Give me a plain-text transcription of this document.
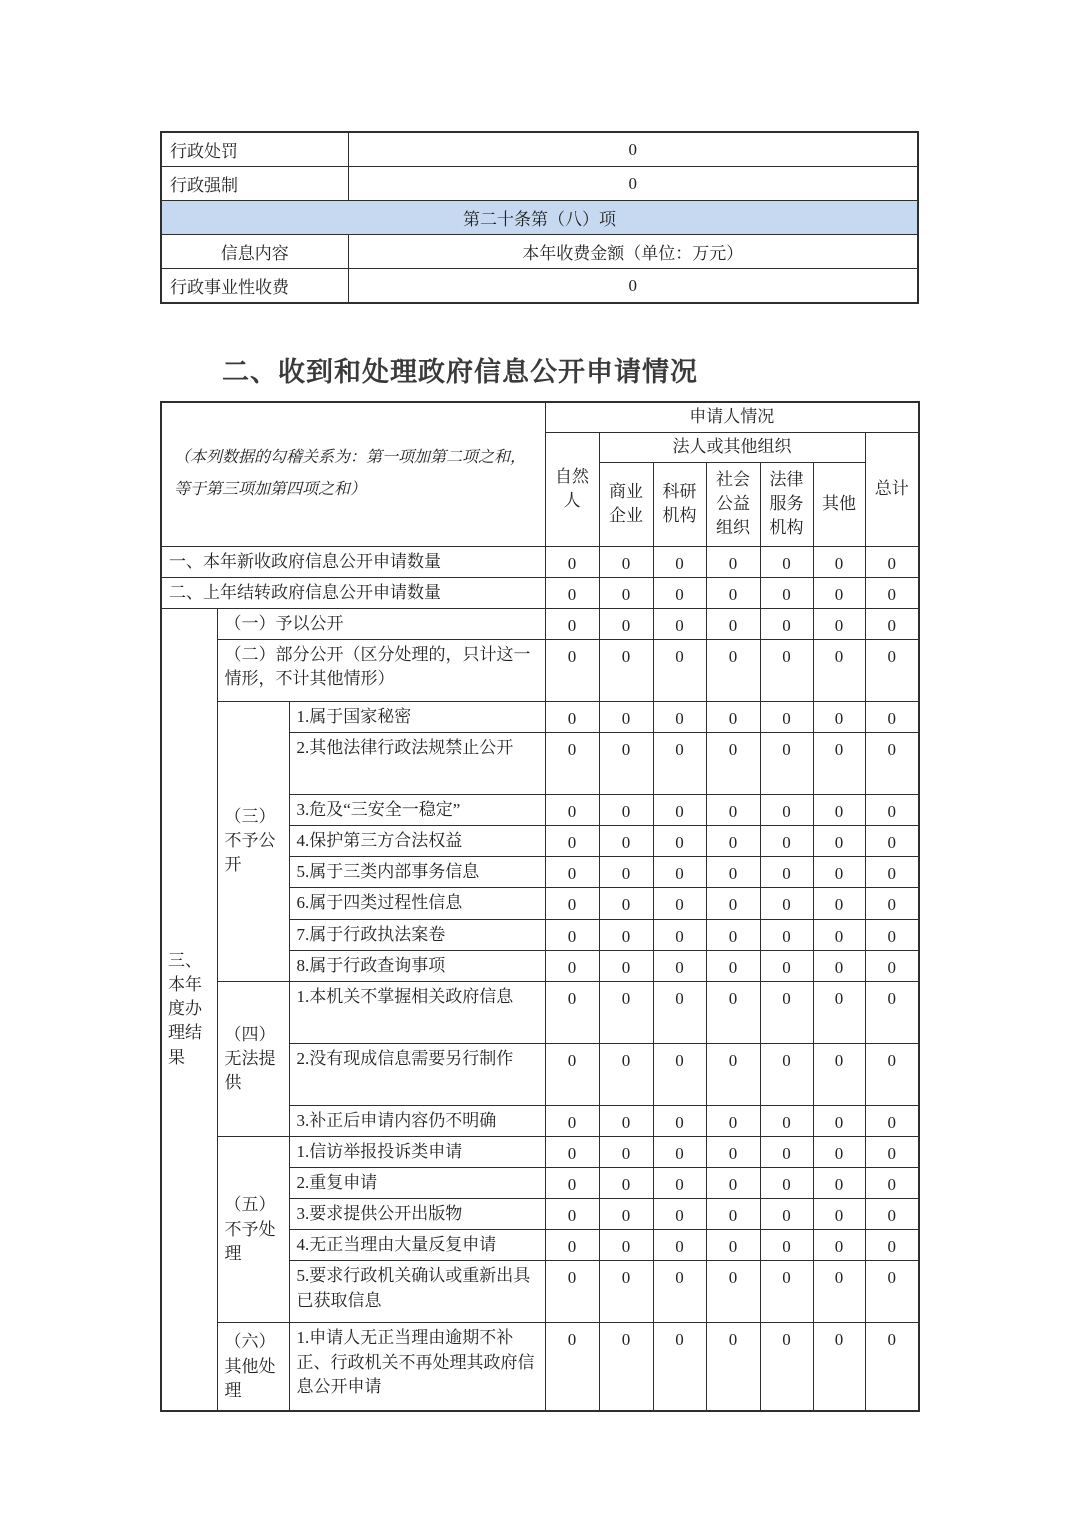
行政处罚	0
行政强制	0
第二十条第（八）项	
信息内容	本年收费金额（单位：万元）
行政事业性收费	0
二、收到和处理政府信息公开申请情况
（本列数据的勾稽关系为：第一项加第二项之和，等于第三项加第四项之和）			申请人情况						
			自然人	法人或其他组织					总计
				商业企业	科研机构	社会公益组织	法律服务机构	其他	
一、本年新收政府信息公开申请数量			0	0	0	0	0	0	0
二、上年结转政府信息公开申请数量			0	0	0	0	0	0	0
三、本年度办理结果	（一）予以公开		0	0	0	0	0	0	0
	（二）部分公开（区分处理的，只计这一情形，不计其他情形）		0	0	0	0	0	0	0
	（三）不予公开	1.属于国家秘密	0	0	0	0	0	0	0
		2.其他法律行政法规禁止公开	0	0	0	0	0	0	0
		3.危及“三安全一稳定”	0	0	0	0	0	0	0
		4.保护第三方合法权益	0	0	0	0	0	0	0
		5.属于三类内部事务信息	0	0	0	0	0	0	0
		6.属于四类过程性信息	0	0	0	0	0	0	0
		7.属于行政执法案卷	0	0	0	0	0	0	0
		8.属于行政查询事项	0	0	0	0	0	0	0
	（四）无法提供	1.本机关不掌握相关政府信息	0	0	0	0	0	0	0
		2.没有现成信息需要另行制作	0	0	0	0	0	0	0
		3.补正后申请内容仍不明确	0	0	0	0	0	0	0
	（五）不予处理	1.信访举报投诉类申请	0	0	0	0	0	0	0
		2.重复申请	0	0	0	0	0	0	0
		3.要求提供公开出版物	0	0	0	0	0	0	0
		4.无正当理由大量反复申请	0	0	0	0	0	0	0
		5.要求行政机关确认或重新出具已获取信息	0	0	0	0	0	0	0
	（六）其他处理	1.申请人无正当理由逾期不补正、行政机关不再处理其政府信息公开申请	0	0	0	0	0	0	0
